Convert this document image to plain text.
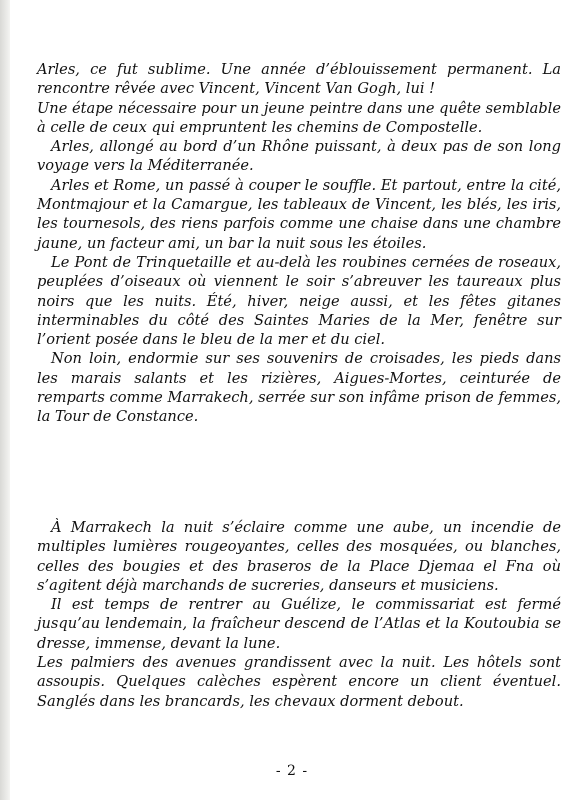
Arles, ce fut sublime. Une année d’éblouissement permanent. La rencontre rêvée avec Vincent, Vincent Van Gogh, lui !

Une étape nécessaire pour un jeune peintre dans une quête semblable à celle de ceux qui empruntent les chemins de Compostelle.

Arles, allongé au bord d’un Rhône puissant, à deux pas de son long voyage vers la Méditerranée.

Arles et Rome, un passé à couper le souffle. Et partout, entre la cité, Montmajour et la Camargue, les tableaux de Vincent, les blés, les iris, les tournesols, des riens parfois comme une chaise dans une chambre jaune, un facteur ami, un bar la nuit sous les étoiles.

Le Pont de Trinquetaille et au-delà les roubines cernées de roseaux, peuplées d’oiseaux où viennent le soir s’abreuver les taureaux plus noirs que les nuits. Été, hiver, neige aussi, et les fêtes gitanes interminables du côté des Saintes Maries de la Mer, fenêtre sur l’orient posée dans le bleu de la mer et du ciel.

Non loin, endormie sur ses souvenirs de croisades, les pieds dans les marais salants et les rizières, Aigues-Mortes, ceinturée de remparts comme Marrakech, serrée sur son infâme prison de femmes, la Tour de Constance.

À Marrakech la nuit s’éclaire comme une aube, un incendie de multiples lumières rougeoyantes, celles des mosquées, ou blanches, celles des bougies et des braseros de la Place Djemaa el Fna où s’agitent déjà marchands de sucreries, danseurs et musiciens.

Il est temps de rentrer au Guélize, le commissariat est fermé jusqu’au lendemain, la fraîcheur descend de l’Atlas et la Koutoubia se dresse, immense, devant la lune.

Les palmiers des avenues grandissent avec la nuit. Les hôtels sont assoupis. Quelques calèches espèrent encore un client éventuel. Sanglés dans les brancards, les chevaux dorment debout.

- 2 -
